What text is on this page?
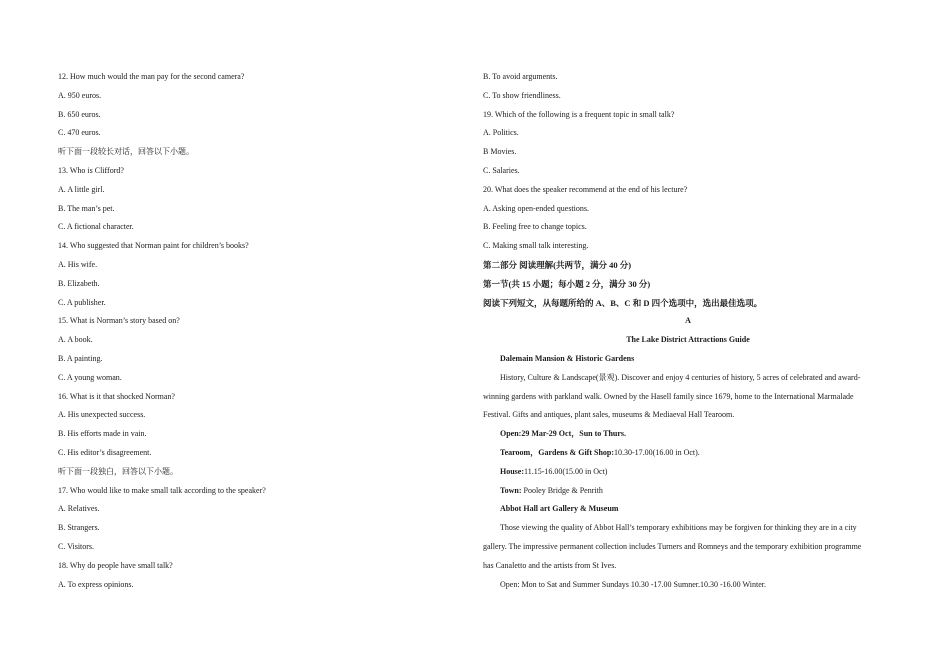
12. How much would the man pay for the second camera?
A. 950 euros.
B. 650 euros.
C. 470 euros.
听下面一段较长对话，回答以下小题。
13. Who is Clifford?
A. A little girl.
B. The man’s pet.
C. A fictional character.
14. Who suggested that Norman paint for children’s books?
A. His wife.
B. Elizabeth.
C. A publisher.
15. What is Norman’s story based on?
A. A book.
B. A painting.
C. A young woman.
16. What is it that shocked Norman?
A. His unexpected success.
B. His efforts made in vain.
C. His editor’s disagreement.
听下面一段独白，回答以下小题。
17. Who would like to make small talk according to the speaker?
A. Relatives.
B. Strangers.
C. Visitors.
18. Why do people have small talk?
A. To express opinions.
B. To avoid arguments.
C. To show friendliness.
19. Which of the following is a frequent topic in small talk?
A. Politics.
B Movies.
C. Salaries.
20. What does the speaker recommend at the end of his lecture?
A. Asking open-ended questions.
B. Feeling free to change topics.
C. Making small talk interesting.
第二部分 阅读理解(共两节，满分 40 分)
第一节(共 15 小题；每小题 2 分，满分 30 分)
阅读下列短文，从每题所给的 A、B、C 和 D 四个选项中，选出最佳选项。
A
The Lake District Attractions Guide
Dalemain Mansion & Historic Gardens
History, Culture & Landscape(景观). Discover and enjoy 4 centuries of history, 5 acres of celebrated and award-
winning gardens with parkland walk. Owned by the Hasell family since 1679, home to the International Marmalade
Festival. Gifts and antiques, plant sales, museums & Mediaeval Hall Tearoom.
Open:29 Mar-29 Oct，Sun to Thurs.
Tearoom，Gardens & Gift Shop:10.30-17.00(16.00 in Oct).
House:11.15-16.00(15.00 in Oct)
Town: Pooley Bridge & Penrith
Abbot Hall art Gallery & Museum
Those viewing the quality of Abbot Hall’s temporary exhibitions may be forgiven for thinking they are in a city
gallery. The impressive permanent collection includes Turners and Romneys and the temporary exhibition programme
has Canaletto and the artists from St Ives.
Open: Mon to Sat and Summer Sundays 10.30 -17.00 Sumner.10.30 -16.00 Winter.
